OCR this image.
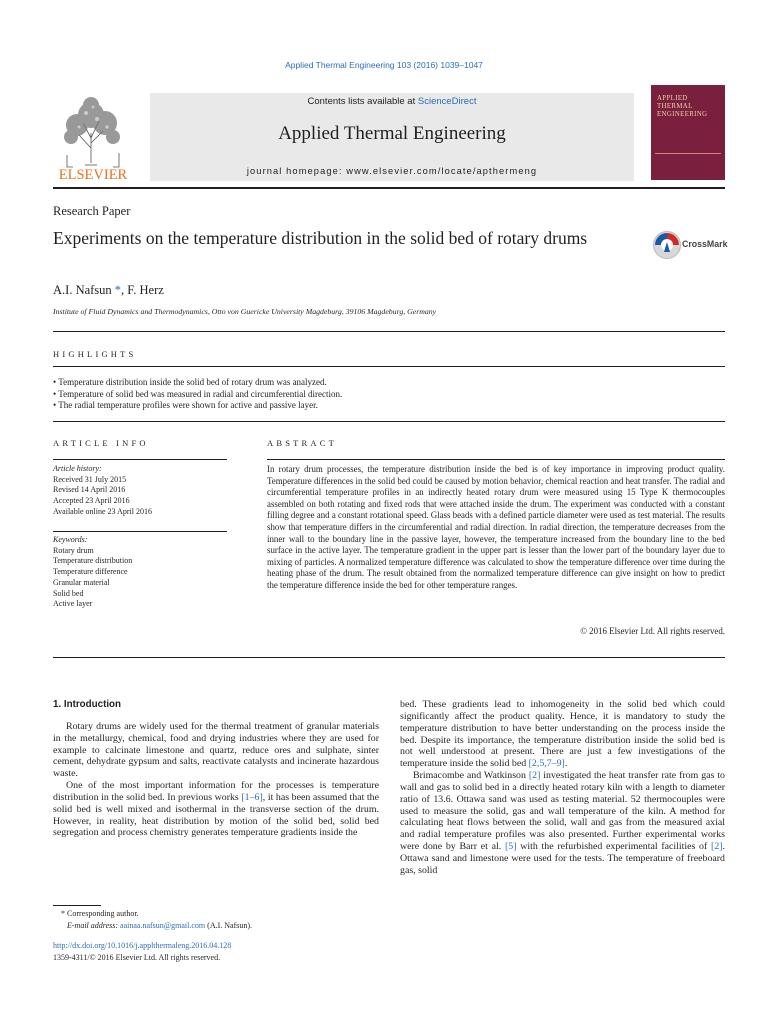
Applied Thermal Engineering 103 (2016) 1039–1047
ELSEVIER
Contents lists available at ScienceDirect
Applied Thermal Engineering
journal homepage: www.elsevier.com/locate/apthermeng
APPLIED
THERMAL
ENGINEERING
Research Paper
Experiments on the temperature distribution in the solid bed of rotary drums	CrossMark
A.I. Nafsun *, F. Herz
Institute of Fluid Dynamics and Thermodynamics, Otto von Guericke University Magdeburg, 39106 Magdeburg, Germany
HIGHLIGHTS
• Temperature distribution inside the solid bed of rotary drum was analyzed.
• Temperature of solid bed was measured in radial and circumferential direction.
• The radial temperature profiles were shown for active and passive layer.
ARTICLE INFO	ABSTRACT
Article history:
Received 31 July 2015
Revised 14 April 2016
Accepted 23 April 2016
Available online 23 April 2016
Keywords:
Rotary drum
Temperature distribution
Temperature difference
Granular material
Solid bed
Active layer
In rotary drum processes, the temperature distribution inside the bed is of key importance in improving product quality. Temperature differences in the solid bed could be caused by motion behavior, chemical reaction and heat transfer. The radial and circumferential temperature profiles in an indirectly heated rotary drum were measured using 15 Type K thermocouples assembled on both rotating and fixed rods that were attached inside the drum. The experiment was conducted with a constant filling degree and a constant rotational speed. Glass beads with a defined particle diameter were used as test material. The results show that temperature differs in the circumferential and radial direction. In radial direction, the temperature decreases from the inner wall to the boundary line in the passive layer, however, the temperature increased from the boundary line to the bed surface in the active layer. The temperature gradient in the upper part is lesser than the lower part of the boundary layer due to mixing of particles. A normalized temperature difference was calculated to show the temperature difference over time during the heating phase of the drum. The result obtained from the normalized temperature difference can give insight on how to predict the temperature difference inside the bed for other temperature ranges.
© 2016 Elsevier Ltd. All rights reserved.
1. Introduction

Rotary drums are widely used for the thermal treatment of granular materials in the metallurgy, chemical, food and drying industries where they are used for example to calcinate limestone and quartz, reduce ores and sulphate, sinter cement, dehydrate gypsum and salts, reactivate catalysts and incinerate hazardous waste.

One of the most important information for the processes is temperature distribution in the solid bed. In previous works [1–6], it has been assumed that the solid bed is well mixed and isothermal in the transverse section of the drum. However, in reality, heat distribution by motion of the solid bed, solid bed segregation and process chemistry generates temperature gradients inside the

bed. These gradients lead to inhomogeneity in the solid bed which could significantly affect the product quality. Hence, it is mandatory to study the temperature distribution to have better understanding on the process inside the bed. Despite its importance, the temperature distribution inside the solid bed is not well understood at present. There are just a few investigations of the temperature inside the solid bed [2,5,7–9].

Brimacombe and Watkinson [2] investigated the heat transfer rate from gas to wall and gas to solid bed in a directly heated rotary kiln with a length to diameter ratio of 13.6. Ottawa sand was used as testing material. 52 thermocouples were used to measure the solid, gas and wall temperature of the kiln. A method for calculating heat flows between the solid, wall and gas from the measured axial and radial temperature profiles was also presented. Further experimental works were done by Barr et al. [5] with the refurbished experimental facilities of [2]. Ottawa sand and limestone were used for the tests. The temperature of freeboard gas, solid

* Corresponding author.
E-mail address: aainaa.nafsun@gmail.com (A.I. Nafsun).
http://dx.doi.org/10.1016/j.applthermaleng.2016.04.128
1359-4311/© 2016 Elsevier Ltd. All rights reserved.
